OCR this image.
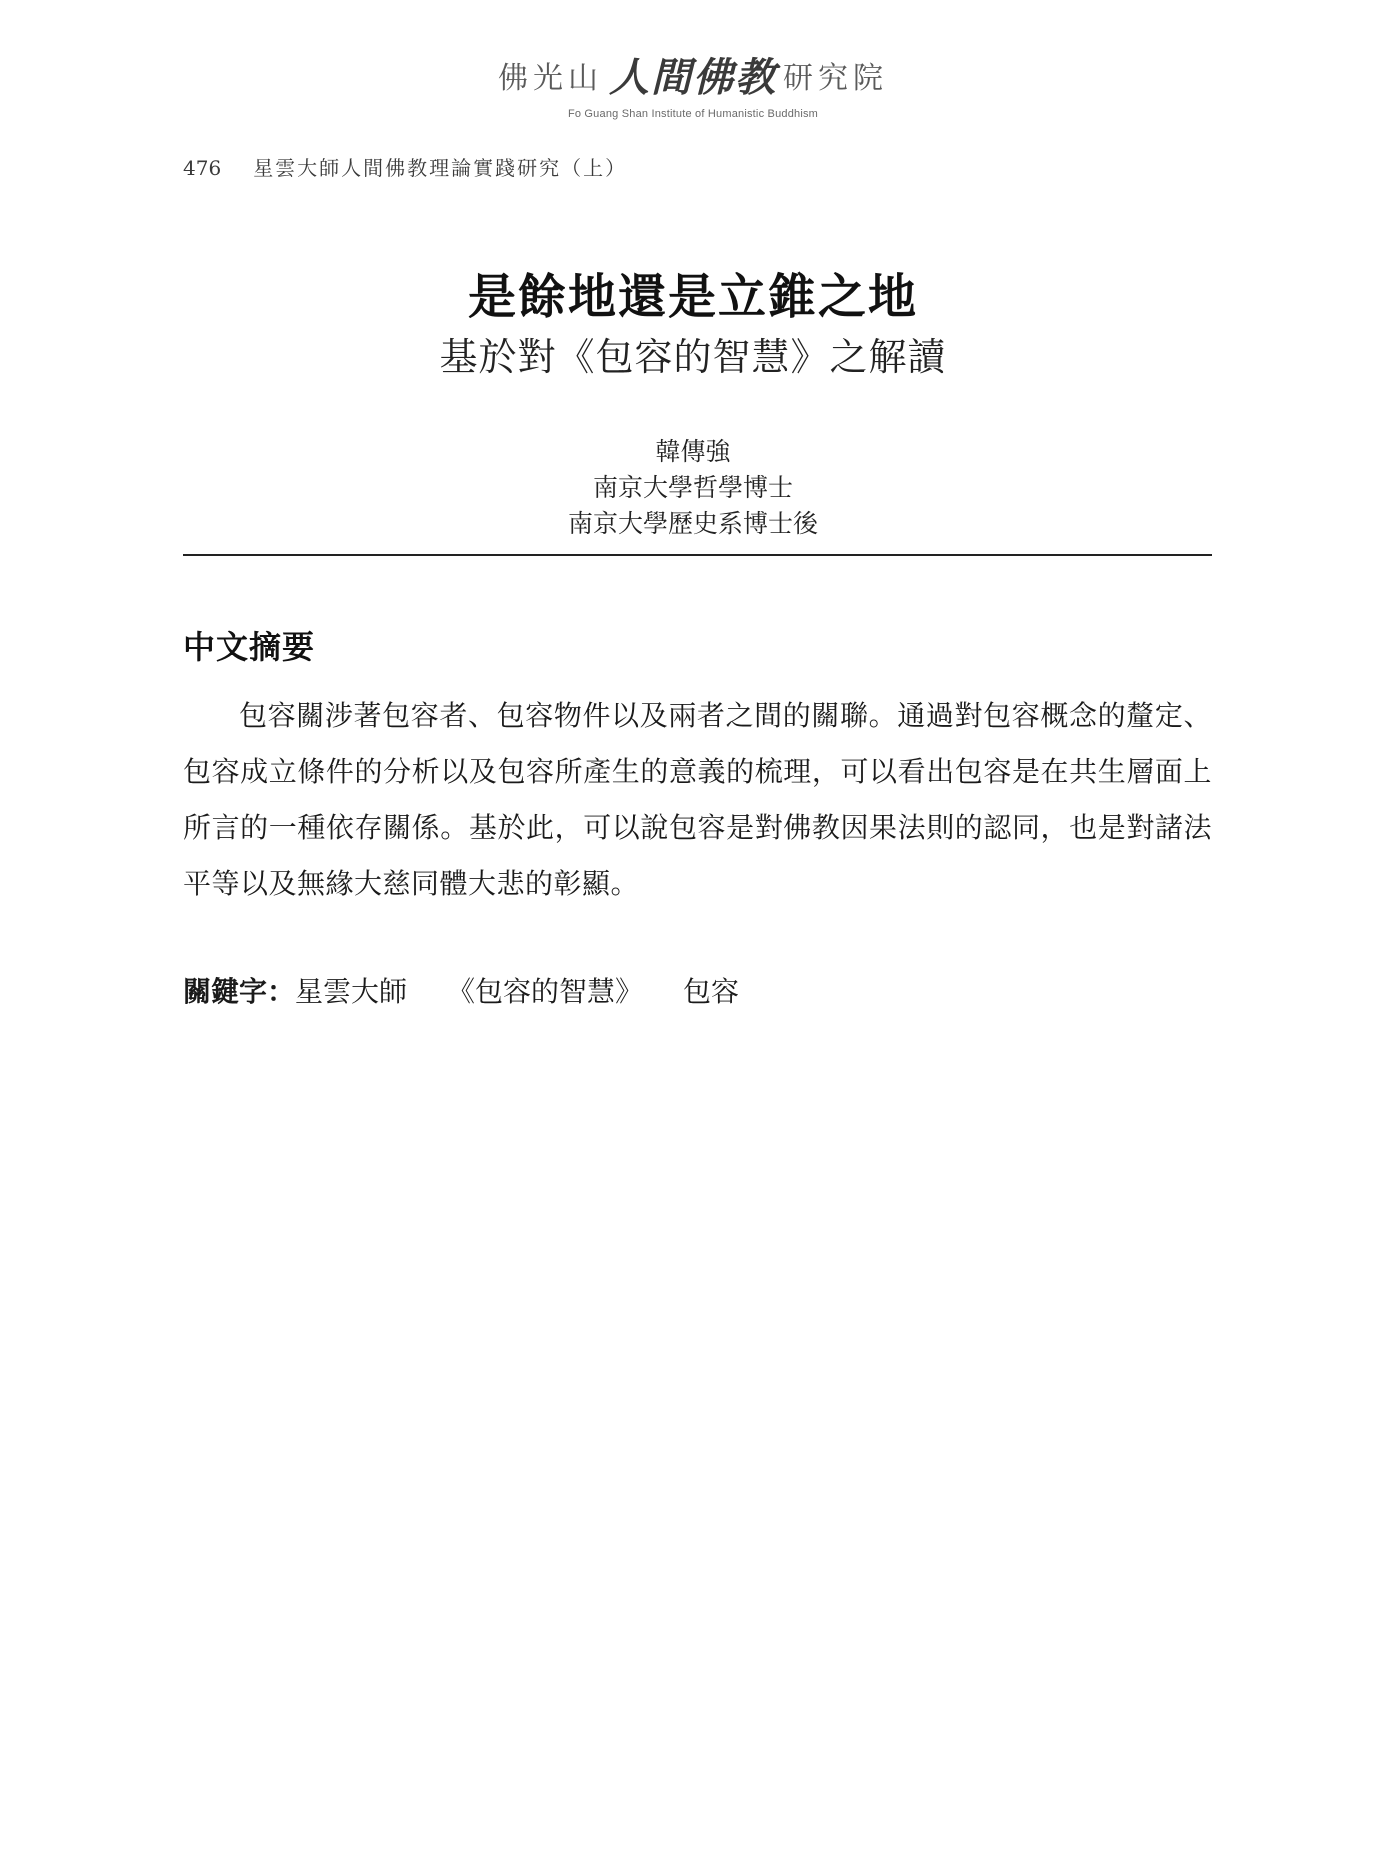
佛光山 人間佛教 研究院
Fo Guang Shan Institute of Humanistic Buddhism
476 星雲大師人間佛教理論實踐研究（上）
是餘地還是立錐之地
基於對《包容的智慧》之解讀
韓傳強
南京大學哲學博士
南京大學歷史系博士後
中文摘要

包容關涉著包容者、包容物件以及兩者之間的關聯。通過對包容概念的釐定、包容成立條件的分析以及包容所產生的意義的梳理，可以看出包容是在共生層面上所言的一種依存關係。基於此，可以說包容是對佛教因果法則的認同，也是對諸法平等以及無緣大慈同體大悲的彰顯。

關鍵字：星雲大師 《包容的智慧》 包容
